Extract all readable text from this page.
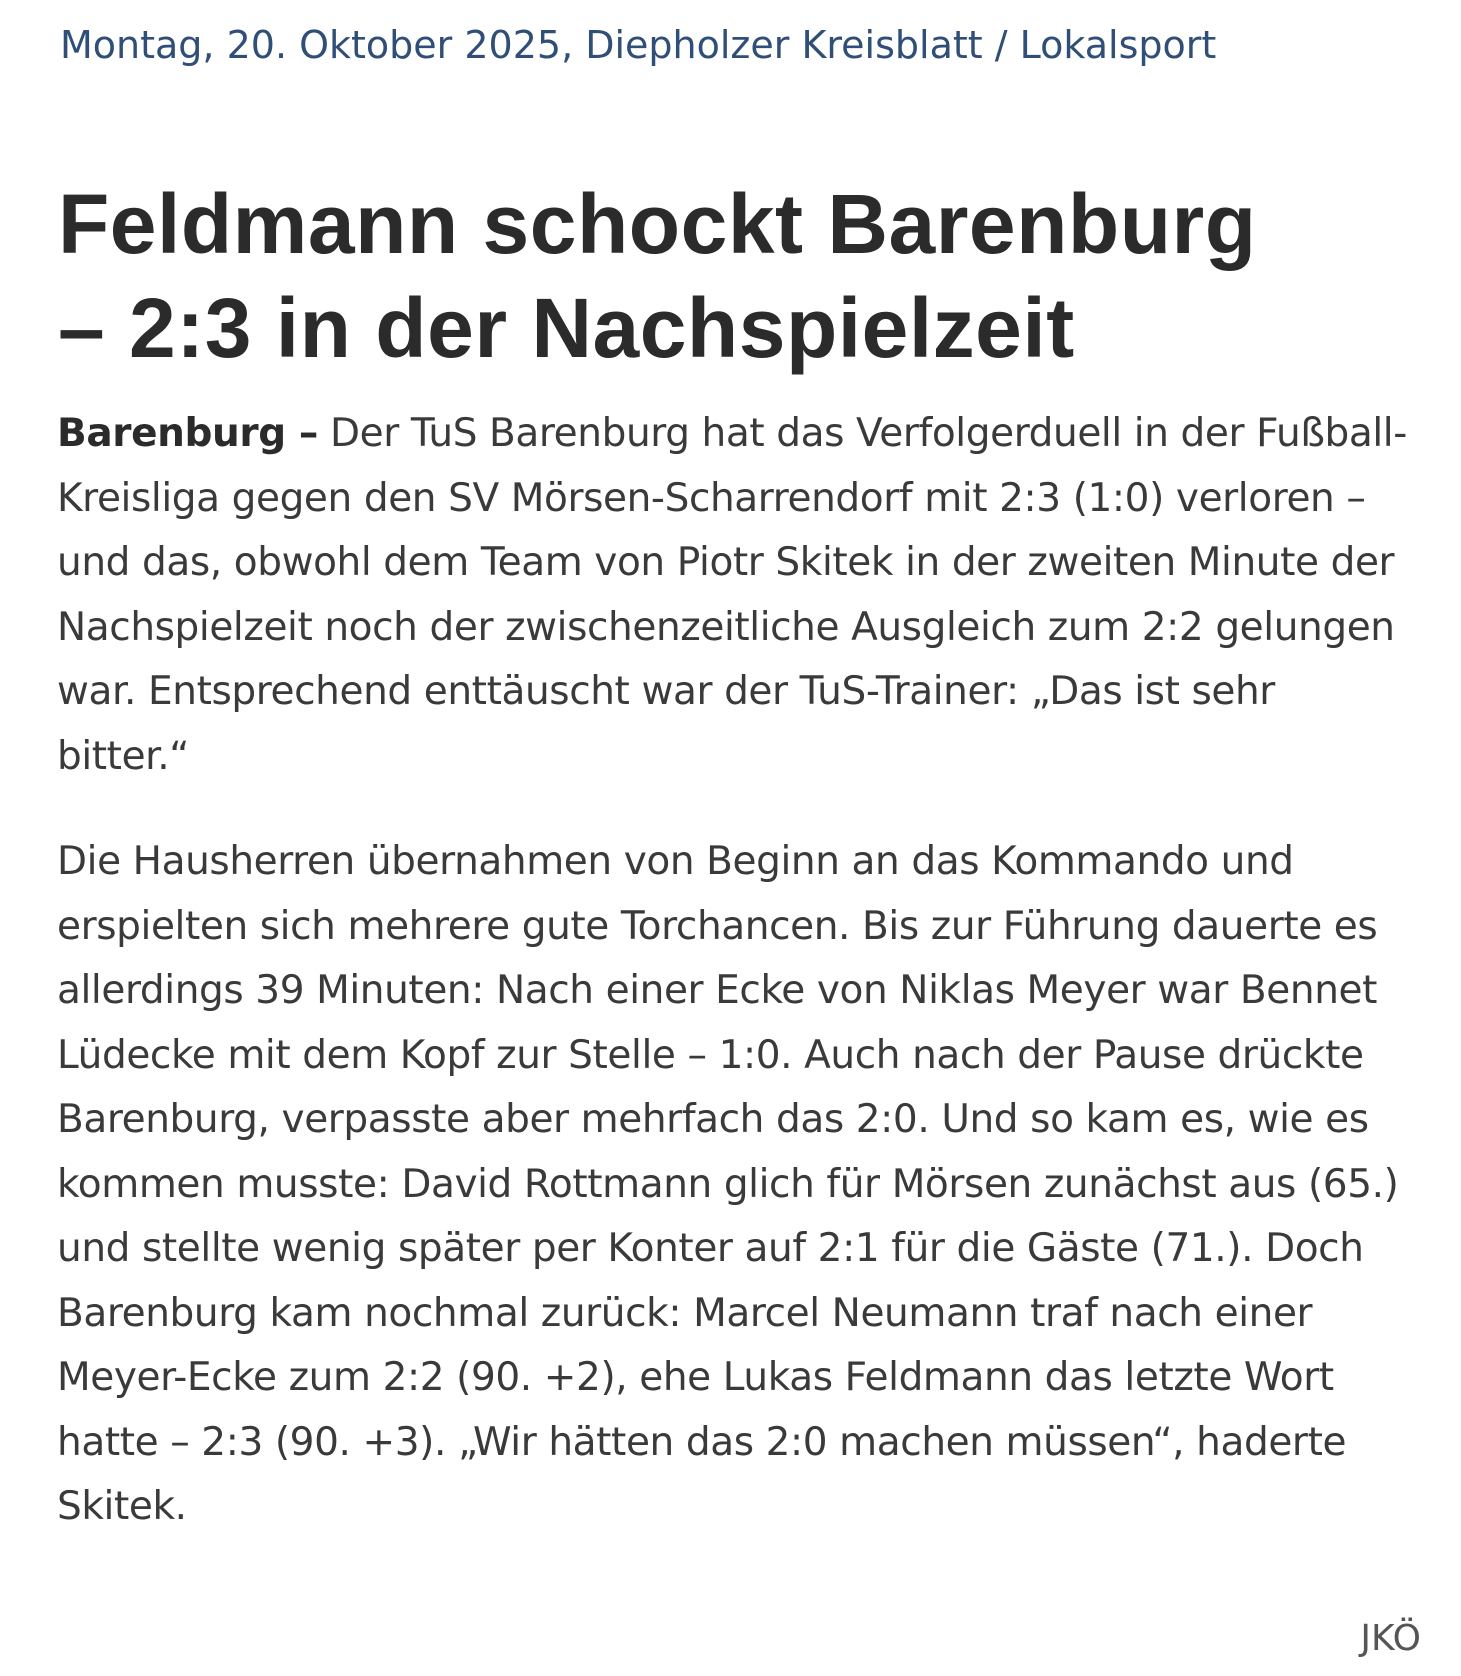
Montag, 20. Oktober 2025, Diepholzer Kreisblatt / Lokalsport

Feldmann schockt Barenburg
– 2:3 in der Nachspielzeit

Barenburg – Der TuS Barenburg hat das Verfolgerduell in der Fußball-Kreisliga gegen den SV Mörsen-Scharrendorf mit 2:3 (1:0) verloren – und das, obwohl dem Team von Piotr Skitek in der zweiten Minute der Nachspielzeit noch der zwischenzeitliche Ausgleich zum 2:2 gelungen war. Entsprechend enttäuscht war der TuS-Trainer: „Das ist sehr bitter.“

Die Hausherren übernahmen von Beginn an das Kommando und erspielten sich mehrere gute Torchancen. Bis zur Führung dauerte es allerdings 39 Minuten: Nach einer Ecke von Niklas Meyer war Bennet Lüdecke mit dem Kopf zur Stelle – 1:0. Auch nach der Pause drückte Barenburg, verpasste aber mehrfach das 2:0. Und so kam es, wie es kommen musste: David Rottmann glich für Mörsen zunächst aus (65.) und stellte wenig später per Konter auf 2:1 für die Gäste (71.). Doch Barenburg kam nochmal zurück: Marcel Neumann traf nach einer Meyer-Ecke zum 2:2 (90. +2), ehe Lukas Feldmann das letzte Wort hatte – 2:3 (90. +3). „Wir hätten das 2:0 machen müssen“, haderte Skitek.

JKÖ
